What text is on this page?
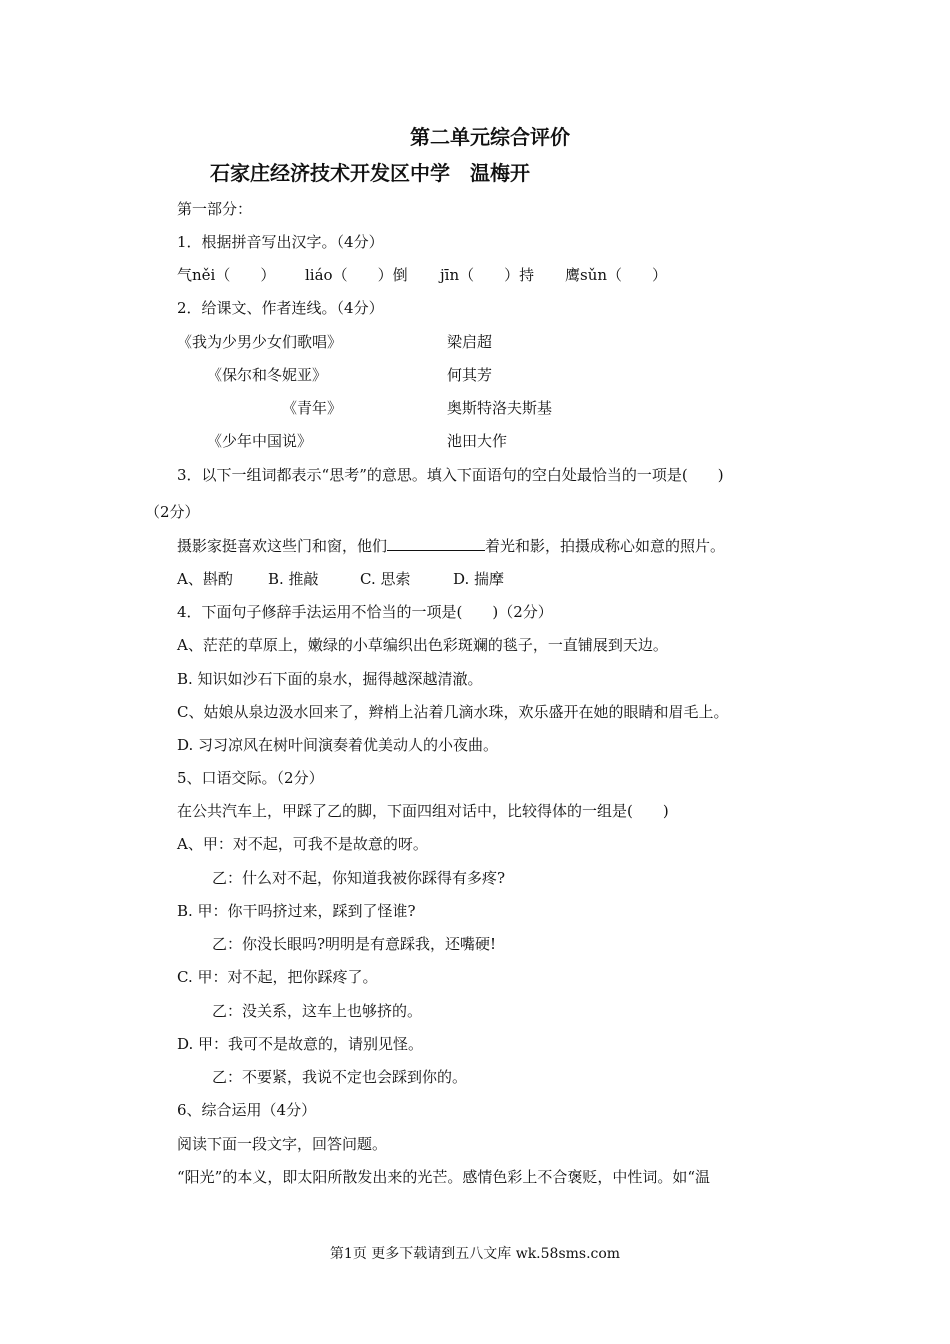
第二单元综合评价
石家庄经济技术开发区中学　温梅开
第一部分：
1．根据拼音写出汉字。（4分）
气něi（　　） liáo（　　）倒 jīn（　　）持 鹰sǔn（　　）
2．给课文、作者连线。（4分）
《我为少男少女们歌唱》	梁启超
《保尔和冬妮亚》	何其芳
《青年》	奥斯特洛夫斯基
《少年中国说》	池田大作
3．以下一组词都表示“思考”的意思。填入下面语句的空白处最恰当的一项是(　　)
（2分）
摄影家挺喜欢这些门和窗，他们	着光和影，拍摄成称心如意的照片。
A、斟酌 B. 推敲	C. 思索	D. 揣摩
4．下面句子修辞手法运用不恰当的一项是(　　)（2分）
A、茫茫的草原上，嫩绿的小草编织出色彩斑斓的毯子，一直铺展到天边。
B. 知识如沙石下面的泉水，掘得越深越清澈。
C、姑娘从泉边汲水回来了，辫梢上沾着几滴水珠，欢乐盛开在她的眼睛和眉毛上。
D. 习习凉风在树叶间演奏着优美动人的小夜曲。
5、口语交际。（2分）
在公共汽车上，甲踩了乙的脚，下面四组对话中，比较得体的一组是(　　)
A、甲：对不起，可我不是故意的呀。
乙：什么对不起，你知道我被你踩得有多疼?
B. 甲：你干吗挤过来，踩到了怪谁?
乙：你没长眼吗?明明是有意踩我，还嘴硬!
C. 甲：对不起，把你踩疼了。
乙：没关系，这车上也够挤的。
D. 甲：我可不是故意的，请别见怪。
乙：不要紧，我说不定也会踩到你的。
6、综合运用（4分）
阅读下面一段文字，回答问题。
“阳光”的本义，即太阳所散发出来的光芒。感情色彩上不合褒贬，中性词。如“温
第1页 更多下载请到五八文库 wk.58sms.com
